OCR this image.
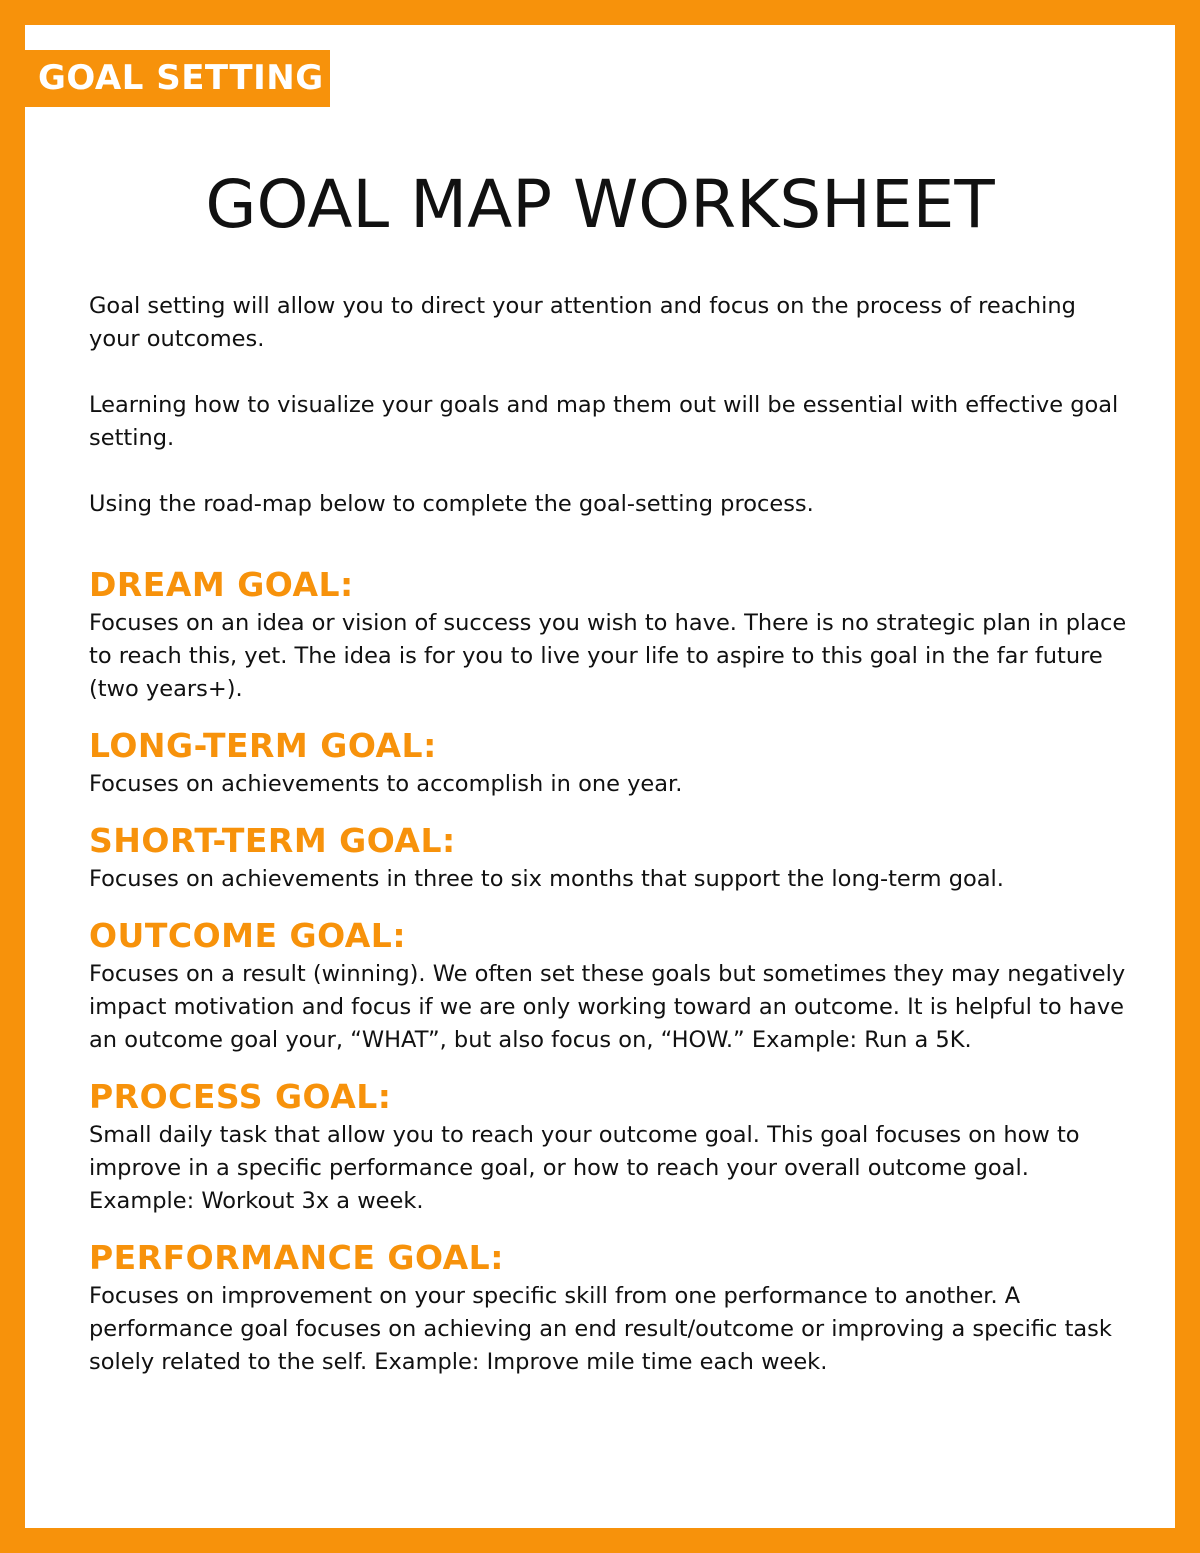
GOAL SETTING
GOAL MAP WORKSHEET

Goal setting will allow you to direct your attention and focus on the process of reaching your outcomes.

Learning how to visualize your goals and map them out will be essential with effective goal setting.

Using the road-map below to complete the goal-setting process.

DREAM GOAL:

Focuses on an idea or vision of success you wish to have. There is no strategic plan in place to reach this, yet. The idea is for you to live your life to aspire to this goal in the far future (two years+).

LONG-TERM GOAL:

Focuses on achievements to accomplish in one year.

SHORT-TERM GOAL:

Focuses on achievements in three to six months that support the long-term goal.

OUTCOME GOAL:

Focuses on a result (winning). We often set these goals but sometimes they may negatively impact motivation and focus if we are only working toward an outcome. It is helpful to have an outcome goal your, “WHAT”, but also focus on, “HOW.” Example: Run a 5K.

PROCESS GOAL:

Small daily task that allow you to reach your outcome goal. This goal focuses on how to improve in a specific performance goal, or how to reach your overall outcome goal. Example: Workout 3x a week.

PERFORMANCE GOAL:

Focuses on improvement on your specific skill from one performance to another. A performance goal focuses on achieving an end result/outcome or improving a specific task solely related to the self. Example: Improve mile time each week.
